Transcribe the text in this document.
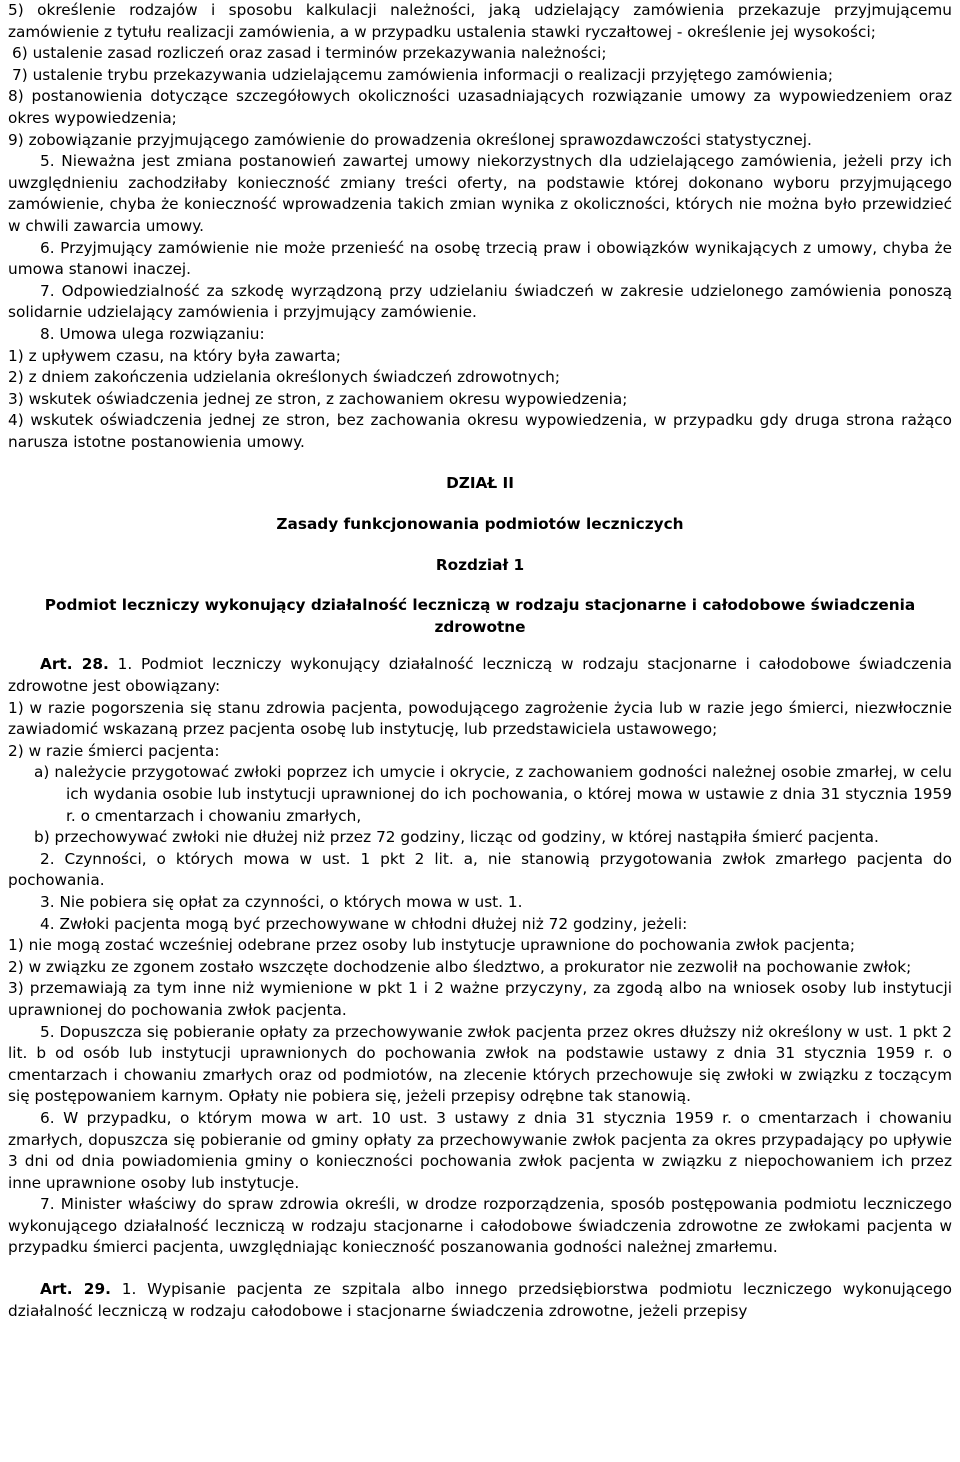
5) określenie rodzajów i sposobu kalkulacji należności, jaką udzielający zamówienia przekazuje przyjmującemu zamówienie z tytułu realizacji zamówienia, a w przypadku ustalenia stawki ryczałtowej - określenie jej wysokości;

6) ustalenie zasad rozliczeń oraz zasad i terminów przekazywania należności;

7) ustalenie trybu przekazywania udzielającemu zamówienia informacji o realizacji przyjętego zamówienia;

8) postanowienia dotyczące szczegółowych okoliczności uzasadniających rozwiązanie umowy za wypowiedzeniem oraz okres wypowiedzenia;

9) zobowiązanie przyjmującego zamówienie do prowadzenia określonej sprawozdawczości statystycznej.

5. Nieważna jest zmiana postanowień zawartej umowy niekorzystnych dla udzielającego zamówienia, jeżeli przy ich uwzględnieniu zachodziłaby konieczność zmiany treści oferty, na podstawie której dokonano wyboru przyjmującego zamówienie, chyba że konieczność wprowadzenia takich zmian wynika z okoliczności, których nie można było przewidzieć w chwili zawarcia umowy.

6. Przyjmujący zamówienie nie może przenieść na osobę trzecią praw i obowiązków wynikających z umowy, chyba że umowa stanowi inaczej.

7. Odpowiedzialność za szkodę wyrządzoną przy udzielaniu świadczeń w zakresie udzielonego zamówienia ponoszą solidarnie udzielający zamówienia i przyjmujący zamówienie.

8. Umowa ulega rozwiązaniu:

1) z upływem czasu, na który była zawarta;

2) z dniem zakończenia udzielania określonych świadczeń zdrowotnych;

3) wskutek oświadczenia jednej ze stron, z zachowaniem okresu wypowiedzenia;

4) wskutek oświadczenia jednej ze stron, bez zachowania okresu wypowiedzenia, w przypadku gdy druga strona rażąco narusza istotne postanowienia umowy.

DZIAŁ II

Zasady funkcjonowania podmiotów leczniczych

Rozdział 1

Podmiot leczniczy wykonujący działalność leczniczą w rodzaju stacjonarne i całodobowe świadczenia zdrowotne

Art. 28. 1. Podmiot leczniczy wykonujący działalność leczniczą w rodzaju stacjonarne i całodobowe świadczenia zdrowotne jest obowiązany:

1) w razie pogorszenia się stanu zdrowia pacjenta, powodującego zagrożenie życia lub w razie jego śmierci, niezwłocznie zawiadomić wskazaną przez pacjenta osobę lub instytucję, lub przedstawiciela ustawowego;

2) w razie śmierci pacjenta:

a) należycie przygotować zwłoki poprzez ich umycie i okrycie, z zachowaniem godności należnej osobie zmarłej, w celu ich wydania osobie lub instytucji uprawnionej do ich pochowania, o której mowa w ustawie z dnia 31 stycznia 1959 r. o cmentarzach i chowaniu zmarłych,

b) przechowywać zwłoki nie dłużej niż przez 72 godziny, licząc od godziny, w której nastąpiła śmierć pacjenta.

2. Czynności, o których mowa w ust. 1 pkt 2 lit. a, nie stanowią przygotowania zwłok zmarłego pacjenta do pochowania.

3. Nie pobiera się opłat za czynności, o których mowa w ust. 1.

4. Zwłoki pacjenta mogą być przechowywane w chłodni dłużej niż 72 godziny, jeżeli:

1) nie mogą zostać wcześniej odebrane przez osoby lub instytucje uprawnione do pochowania zwłok pacjenta;

2) w związku ze zgonem zostało wszczęte dochodzenie albo śledztwo, a prokurator nie zezwolił na pochowanie zwłok;

3) przemawiają za tym inne niż wymienione w pkt 1 i 2 ważne przyczyny, za zgodą albo na wniosek osoby lub instytucji uprawnionej do pochowania zwłok pacjenta.

5. Dopuszcza się pobieranie opłaty za przechowywanie zwłok pacjenta przez okres dłuższy niż określony w ust. 1 pkt 2 lit. b od osób lub instytucji uprawnionych do pochowania zwłok na podstawie ustawy z dnia 31 stycznia 1959 r. o cmentarzach i chowaniu zmarłych oraz od podmiotów, na zlecenie których przechowuje się zwłoki w związku z toczącym się postępowaniem karnym. Opłaty nie pobiera się, jeżeli przepisy odrębne tak stanowią.

6. W przypadku, o którym mowa w art. 10 ust. 3 ustawy z dnia 31 stycznia 1959 r. o cmentarzach i chowaniu zmarłych, dopuszcza się pobieranie od gminy opłaty za przechowywanie zwłok pacjenta za okres przypadający po upływie 3 dni od dnia powiadomienia gminy o konieczności pochowania zwłok pacjenta w związku z niepochowaniem ich przez inne uprawnione osoby lub instytucje.

7. Minister właściwy do spraw zdrowia określi, w drodze rozporządzenia, sposób postępowania podmiotu leczniczego wykonującego działalność leczniczą w rodzaju stacjonarne i całodobowe świadczenia zdrowotne ze zwłokami pacjenta w przypadku śmierci pacjenta, uwzględniając konieczność poszanowania godności należnej zmarłemu.

Art. 29. 1. Wypisanie pacjenta ze szpitala albo innego przedsiębiorstwa podmiotu leczniczego wykonującego działalność leczniczą w rodzaju całodobowe i stacjonarne świadczenia zdrowotne, jeżeli przepisy
